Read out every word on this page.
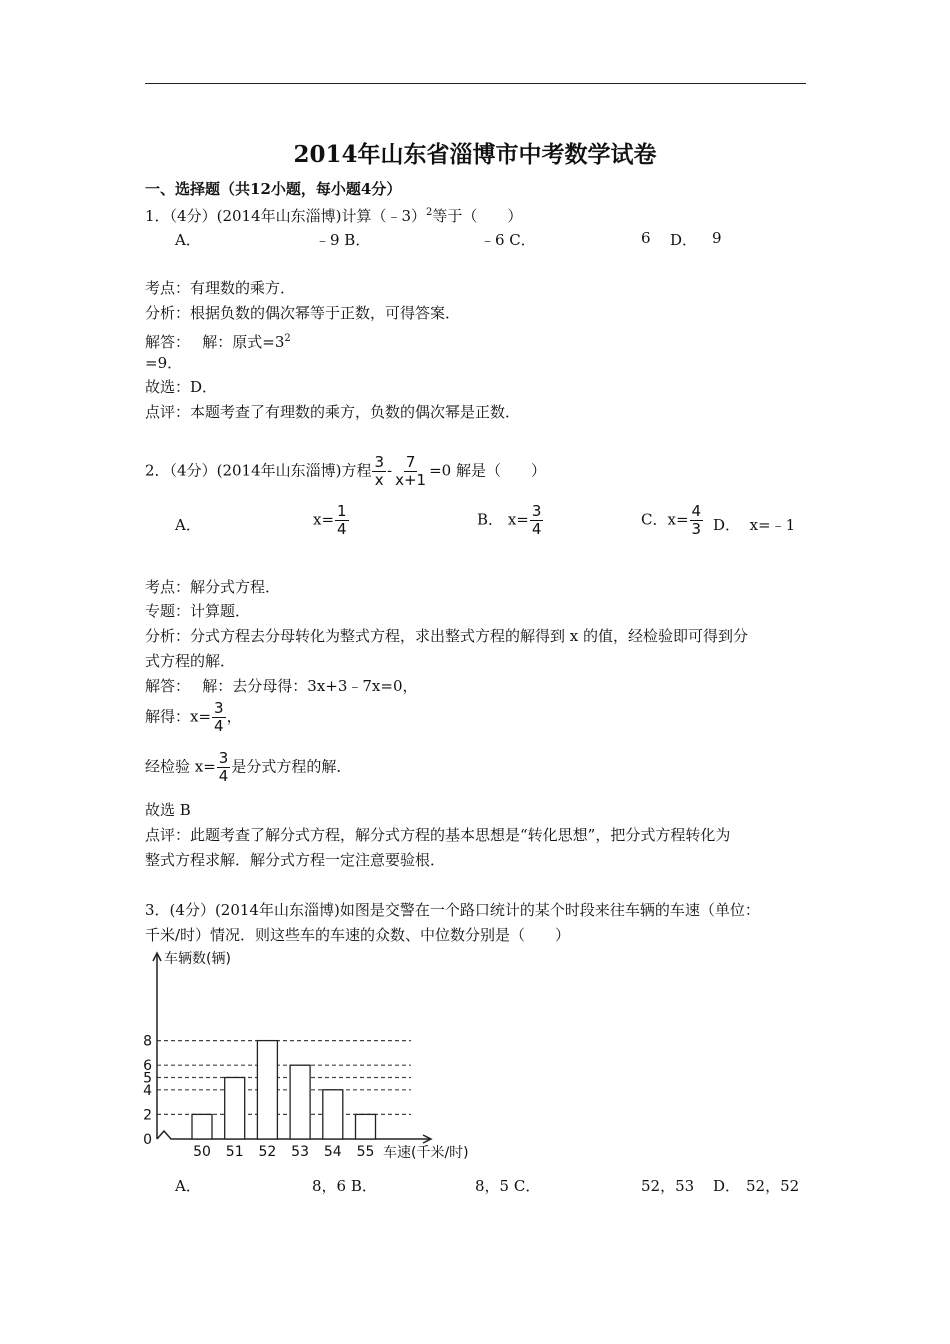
2014年山东省淄博市中考数学试卷
一、选择题（共12小题，每小题4分）
1．（4分）(2014年山东淄博)计算（﹣3）$^2$等于（　　）
A．	﹣9 B．	﹣6 C．	6 D． 9
考点：有理数的乘方．
分析：根据负数的偶次幂等于正数，可得答案．
解答：　 解：原式$=3^2$
=9．
故选：D．
点评：本题考查了有理数的乘方，负数的偶次幂是正数．
2．（4分）(2014年山东淄博)方程 $\frac{3}{x} - \frac{7}{x+1} =0$ 解是（　　）
A．	$x= \frac{1}{4}$	B． $x= \frac{3}{4}$	C．$x= \frac{4}{3}$ D． x=﹣1
考点：解分式方程．
专题：计算题．
分析：分式方程去分母转化为整式方程，求出整式方程的解得到 x 的值，经检验即可得到分
式方程的解．
解答：　 解：去分母得：3x+3﹣7x=0，
解得：$x= \frac{3}{4}$ ，
经检验 $x= \frac{3}{4}$ 是分式方程的解．
故选 B
点评：此题考查了解分式方程，解分式方程的基本思想是“转化思想”，把分式方程转化为
整式方程求解．解分式方程一定注意要验根．
3．(4分）(2014年山东淄博)如图是交警在一个路口统计的某个时段来往车辆的车速（单位：
千米/时）情况．则这些车的车速的众数、中位数分别是（　　）
0
2
4
5
6
8
50 51 52 53 54 55
车辆数(辆)
车速(千米/时)
A．	8，6 B．	8，5 C．	52，53 D． 52，52
